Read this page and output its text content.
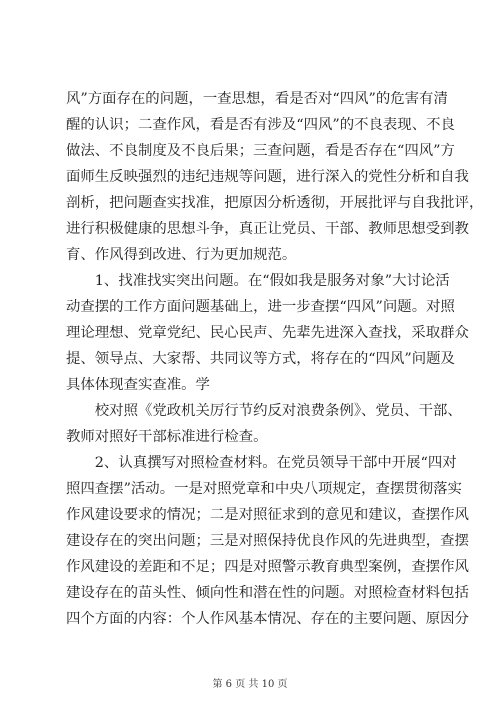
风”方面存在的问题，一查思想，看是否对“四风”的危害有清
醒的认识；二查作风，看是否有涉及“四风”的不良表现、不良
做法、不良制度及不良后果；三查问题，看是否存在“四风”方
面师生反映强烈的违纪违规等问题，进行深入的党性分析和自我
剖析，把问题查实找准，把原因分析透彻，开展批评与自我批评，
进行积极健康的思想斗争，真正让党员、干部、教师思想受到教
育、作风得到改进、行为更加规范。
　　1、找准找实突出问题。在“假如我是服务对象”大讨论活
动查摆的工作方面问题基础上，进一步查摆“四风”问题。对照
理论理想、党章党纪、民心民声、先辈先进深入查找，采取群众
提、领导点、大家帮、共同议等方式，将存在的“四风”问题及
具体体现查实查准。学
　　校对照《党政机关厉行节约反对浪费条例》、党员、干部、
教师对照好干部标准进行检查。
　　2、认真撰写对照检查材料。在党员领导干部中开展“四对
照四查摆”活动。一是对照党章和中央八项规定，查摆贯彻落实
作风建设要求的情况；二是对照征求到的意见和建议，查摆作风
建设存在的突出问题；三是对照保持优良作风的先进典型，查摆
作风建设的差距和不足；四是对照警示教育典型案例，查摆作风
建设存在的苗头性、倾向性和潜在性的问题。对照检查材料包括
四个方面的内容：个人作风基本情况、存在的主要问题、原因分
第 6 页 共 10 页
